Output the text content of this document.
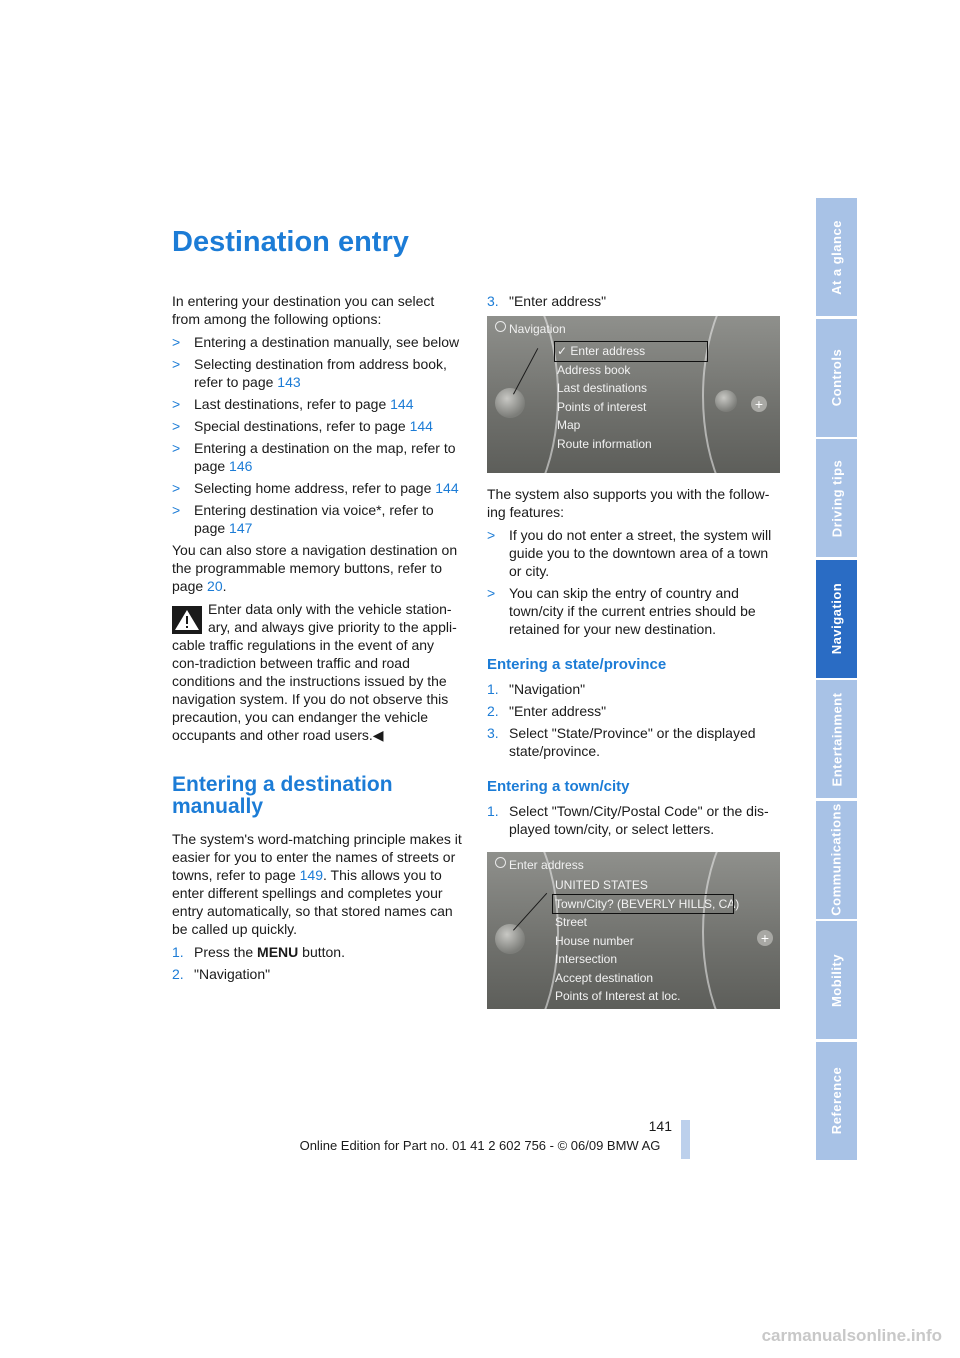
Destination entry

In entering your destination you can select from among the following options:

> Entering a destination manually, see below
> Selecting destination from address book, refer to page 143
> Last destinations, refer to page 144
> Special destinations, refer to page 144
> Entering a destination on the map, refer to page 146
> Selecting home address, refer to page 144
> Entering destination via voice*, refer to page 147

You can also store a navigation destination on the programmable memory buttons, refer to page 20.

Enter data only with the vehicle station-ary, and always give priority to the appli-cable traffic regulations in the event of any con-tradiction between traffic and road conditions and the instructions issued by the navigation system. If you do not observe this precaution, you can endanger the vehicle occupants and other road users.◀
Entering a destination manually

The system's word-matching principle makes it easier for you to enter the names of streets or towns, refer to page 149. This allows you to enter different spellings and completes your entry automatically, so that stored names can be called up quickly.

1. Press the MENU button.
2. "Navigation"
3. "Enter address"
+
Navigation
✓ Enter address
Address book
Last destinations
Points of interest
Map
Route information

The system also supports you with the follow-ing features:

> If you do not enter a street, the system will guide you to the downtown area of a town or city.
> You can skip the entry of country and town/city if the current entries should be retained for your new destination.
Entering a state/province
1. "Navigation"
2. "Enter address"
3. Select "State/Province" or the displayed state/province.
Entering a town/city
1. Select "Town/City/Postal Code" or the dis-played town/city, or select letters.
+
Enter address
UNITED STATES
Town/City? (BEVERLY HILLS, CA)
Street
House number
Intersection
Accept destination
Points of Interest at loc.
At a glance
Controls
Driving tips
Navigation
Entertainment
Communications
Mobility
Reference
141
Online Edition for Part no. 01 41 2 602 756 - © 06/09 BMW AG
carmanualsonline.info
